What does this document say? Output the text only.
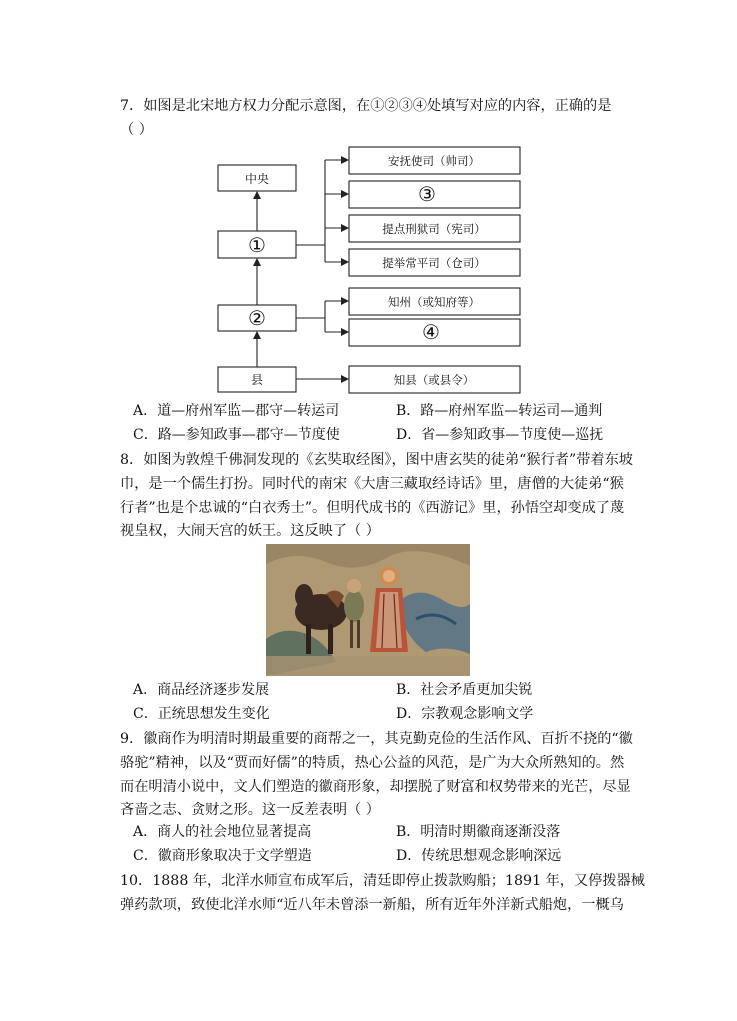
7．如图是北宋地方权力分配示意图，在①②③④处填写对应的内容，正确的是
（ ）
中央
①
②
县
安抚使司（帅司）
③
提点刑狱司（宪司）
提举常平司（仓司）
知州（或知府等）
④
知县（或县令）
A．道—府州军监—郡守—转运司	B．路—府州军监—转运司—通判
C．路—参知政事—郡守—节度使	D．省—参知政事—节度使—巡抚
8．如图为敦煌千佛洞发现的《玄奘取经图》，图中唐玄奘的徒弟“猴行者”带着东坡
巾，是一个儒生打扮。同时代的南宋《大唐三藏取经诗话》里，唐僧的大徒弟“猴
行者”也是个忠诚的“白衣秀士”。但明代成书的《西游记》里，孙悟空却变成了蔑
视皇权，大闹天宫的妖王。这反映了（ ）
A．商品经济逐步发展	B．社会矛盾更加尖锐
C．正统思想发生变化	D．宗教观念影响文学
9．徽商作为明清时期最重要的商帮之一，其克勤克俭的生活作风、百折不挠的“徽
骆驼”精神，以及“贾而好儒”的特质，热心公益的风范，是广为大众所熟知的。然
而在明清小说中，文人们塑造的徽商形象，却摆脱了财富和权势带来的光芒，尽显
吝啬之志、贪财之形。这一反差表明（ ）
A．商人的社会地位显著提高	B．明清时期徽商逐渐没落
C．徽商形象取决于文学塑造	D．传统思想观念影响深远
10．1888 年，北洋水师宣布成军后，清廷即停止拨款购船；1891 年，又停拨器械
弹药款项，致使北洋水师“近八年未曾添一新船，所有近年外洋新式船炮，一概乌
